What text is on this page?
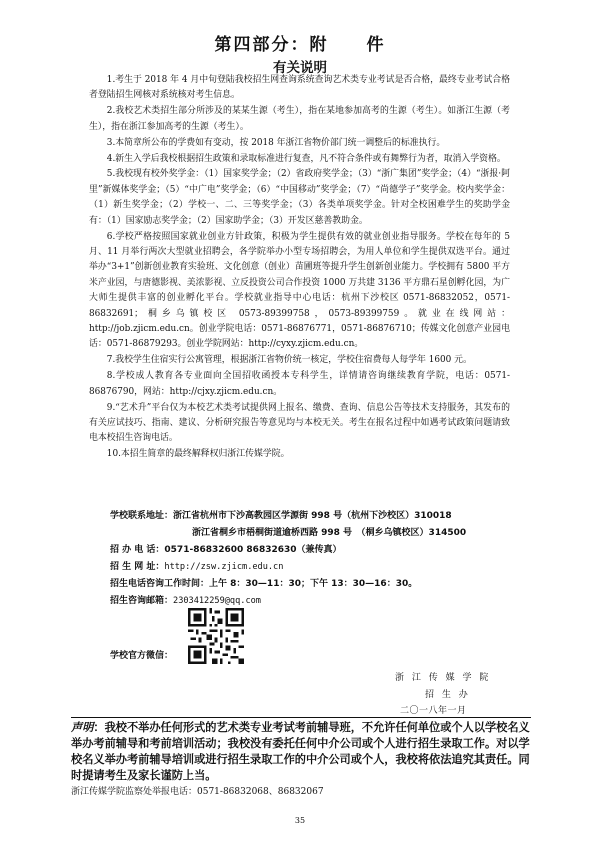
第四部分：附　　件
有关说明

1.考生于 2018 年 4 月中旬登陆我校招生网查询系统查询艺术类专业考试是否合格，最终专业考试合格者登陆招生网核对系统核对考生信息。

2.我校艺术类招生部分所涉及的某某生源（考生），指在某地参加高考的生源（考生）。如浙江生源（考生），指在浙江参加高考的生源（考生）。

3.本简章所公布的学费如有变动，按 2018 年浙江省物价部门统一调整后的标准执行。

4.新生入学后我校根据招生政策和录取标准进行复查，凡不符合条件或有舞弊行为者，取消入学资格。

5.我校现有校外奖学金：（1）国家奖学金；（2）省政府奖学金；（3）“浙广集团”奖学金；（4）“浙报·阿里”新媒体奖学金；（5）“中广电”奖学金；（6）“中国移动”奖学金；（7）“尚德学子”奖学金。校内奖学金：（1）新生奖学金；（2）学校一、二、三等奖学金；（3）各类单项奖学金。针对全校困难学生的奖助学金有：（1）国家励志奖学金；（2）国家助学金；（3）开发区慈善教助金。

6.学校严格按照国家就业创业方针政策，积极为学生提供有效的就业创业指导服务。学校在每年的 5 月、11 月举行两次大型就业招聘会，各学院举办小型专场招聘会，为用人单位和学生提供双选平台。通过举办“3+1”创新创业教育实验班、文化创意（创业）苗圃班等提升学生创新创业能力。学校拥有 5800 平方米产业园，与唐德影视、美浓影视、立反投资公司合作投资 1000 万共建 3136 平方鼎石星创孵化园，为广大师生提供丰富的创业孵化平台。学校就业指导中心电话：杭州下沙校区 0571-86832052，0571-86832691；桐乡乌镇校区 0573-89399758，0573-89399759。就业在线网站：http://job.zjicm.edu.cn。创业学院电话：0571-86876771，0571-86876710；传媒文化创意产业园电话：0571-86879293。创业学院网站：http://cyxy.zjicm.edu.cn。

7.我校学生住宿实行公寓管理，根据浙江省物价统一核定，学校住宿费每人每学年 1600 元。

8.学校成人教育各专业面向全国招收函授本专科学生，详情请咨询继续教育学院，电话：0571-86876790，网站：http://cjxy.zjicm.edu.cn。

9.“艺术升”平台仅为本校艺术类考试提供网上报名、缴费、查询、信息公告等技术支持服务，其发布的有关应试技巧、指南、建议、分析研究报告等意见均与本校无关。考生在报名过程中如遇考试政策问题请致电本校招生咨询电话。

10.本招生简章的最终解释权归浙江传媒学院。

学校联系地址： 浙江省杭州市下沙高教园区学源街 998 号（杭州下沙校区）310018
浙江省桐乡市梧桐街道逾桥西路 998 号　（桐乡乌镇校区）314500
招 办 电 话： 0571-86832600 86832630（兼传真）
招 生 网 址： http://zsw.zjicm.edu.cn
招生电话咨询工作时间： 上午 8：30—11：30；下午 13：30—16：30。
招生咨询邮箱： 2303412259@qq.com
学校官方微信：
浙 江 传 媒 学 院
招 生 办
二〇一八年一月
声明：我校不举办任何形式的艺术类专业考试考前辅导班，不允许任何单位或个人以学校名义举办考前辅导和考前培训活动；我校没有委托任何中介公司或个人进行招生录取工作。对以学校名义举办考前辅导培训或进行招生录取工作的中介公司或个人，我校将依法追究其责任。同时提请考生及家长谨防上当。
浙江传媒学院监察处举报电话：0571-86832068、86832067
35
